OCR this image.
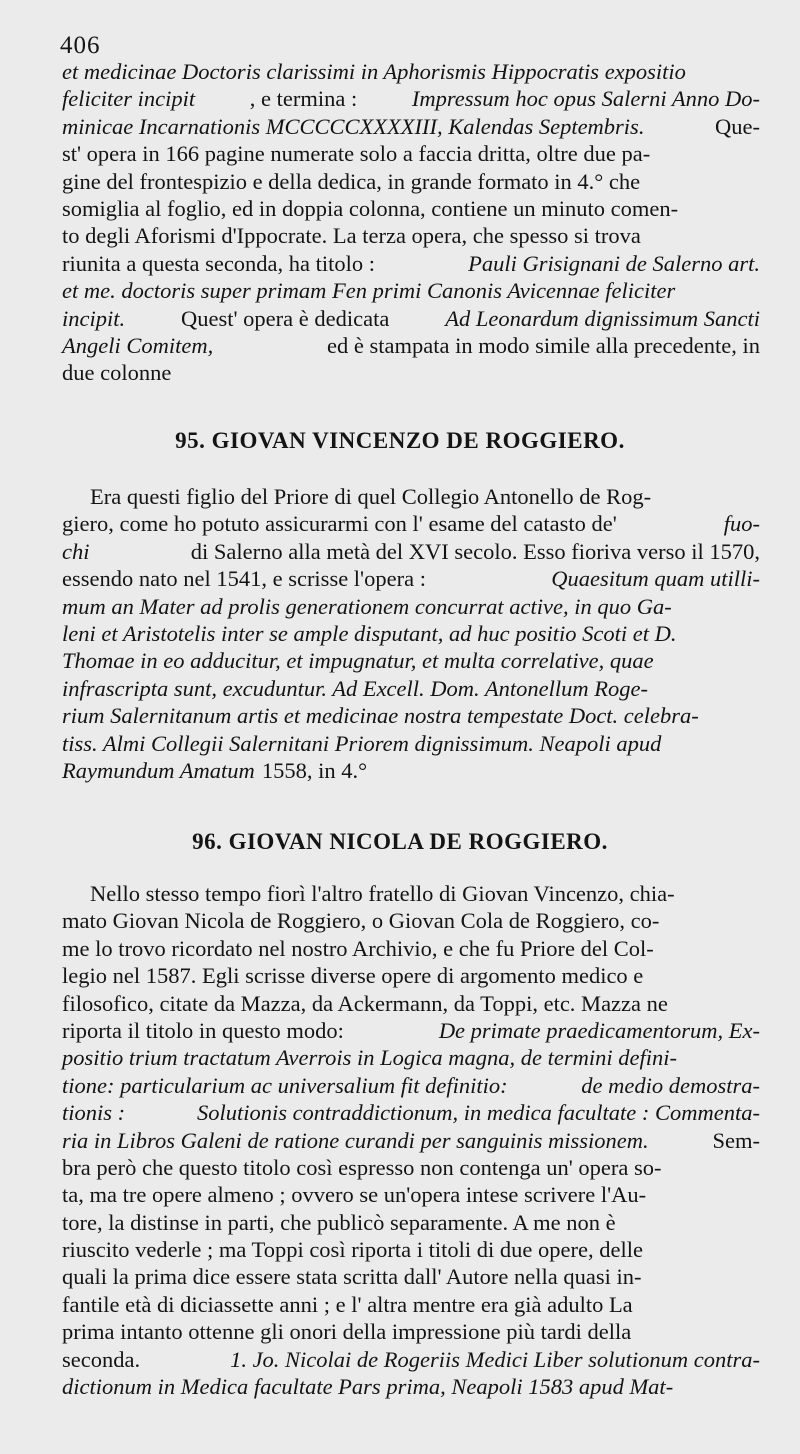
406
et medicinae Doctoris clarissimi in Aphorismis Hippocratis expositio
feliciter incipit , e termina : Impressum hoc opus Salerni Anno Do-
minicae Incarnationis MCCCCCXXXXIII, Kalendas Septembris.	Que-
st' opera in 166 pagine numerate solo a faccia dritta, oltre due pa-
gine del frontespizio e della dedica, in grande formato in 4.° che
somiglia al foglio, ed in doppia colonna, contiene un minuto comen-
to degli Aforismi d'Ippocrate. La terza opera, che spesso si trova
riunita a questa seconda, ha titolo :	Pauli Grisignani de Salerno art.
et me. doctoris super primam Fen primi Canonis Avicennae feliciter
incipit. Quest' opera è dedicata Ad Leonardum dignissimum Sancti
Angeli Comitem,	ed è stampata in modo simile alla precedente, in
due colonne
95. GIOVAN VINCENZO DE ROGGIERO.
Era questi figlio del Priore di quel Collegio Antonello de Rog-
giero, come ho potuto assicurarmi con l' esame del catasto de'	fuo-
chi	di Salerno alla metà del XVI secolo. Esso fioriva verso il 1570,
essendo nato nel 1541, e scrisse l'opera :	Quaesitum quam utilli-
mum an Mater ad prolis generationem concurrat active, in quo Ga-
leni et Aristotelis inter se ample disputant, ad huc positio Scoti et D.
Thomae in eo adducitur, et impugnatur, et multa correlative, quae
infrascripta sunt, excuduntur. Ad Excell. Dom. Antonellum Roge-
rium Salernitanum artis et medicinae nostra tempestate Doct. celebra-
tiss. Almi Collegii Salernitani Priorem dignissimum. Neapoli apud
Raymundum Amatum 1558, in 4.°
96. GIOVAN NICOLA DE ROGGIERO.
Nello stesso tempo fiorì l'altro fratello di Giovan Vincenzo, chia-
mato Giovan Nicola de Roggiero, o Giovan Cola de Roggiero, co-
me lo trovo ricordato nel nostro Archivio, e che fu Priore del Col-
legio nel 1587. Egli scrisse diverse opere di argomento medico e
filosofico, citate da Mazza, da Ackermann, da Toppi, etc. Mazza ne
riporta il titolo in questo modo:	De primate praedicamentorum, Ex-
positio trium tractatum Averrois in Logica magna, de termini defini-
tione: particularium ac universalium fit definitio:	de medio demostra-
tionis :	Solutionis contraddictionum, in medica facultate : Commenta-
ria in Libros Galeni de ratione curandi per sanguinis missionem.	Sem-
bra però che questo titolo così espresso non contenga un' opera so-
ta, ma tre opere almeno ; ovvero se un'opera intese scrivere l'Au-
tore, la distinse in parti, che publicò separamente. A me non è
riuscito vederle ; ma Toppi così riporta i titoli di due opere, delle
quali la prima dice essere stata scritta dall' Autore nella quasi in-
fantile età di diciassette anni ; e l' altra mentre era già adulto La
prima intanto ottenne gli onori della impressione più tardi della
seconda.	1. Jo. Nicolai de Rogeriis Medici Liber solutionum contra-
dictionum in Medica facultate Pars prima, Neapoli 1583 apud Mat-
